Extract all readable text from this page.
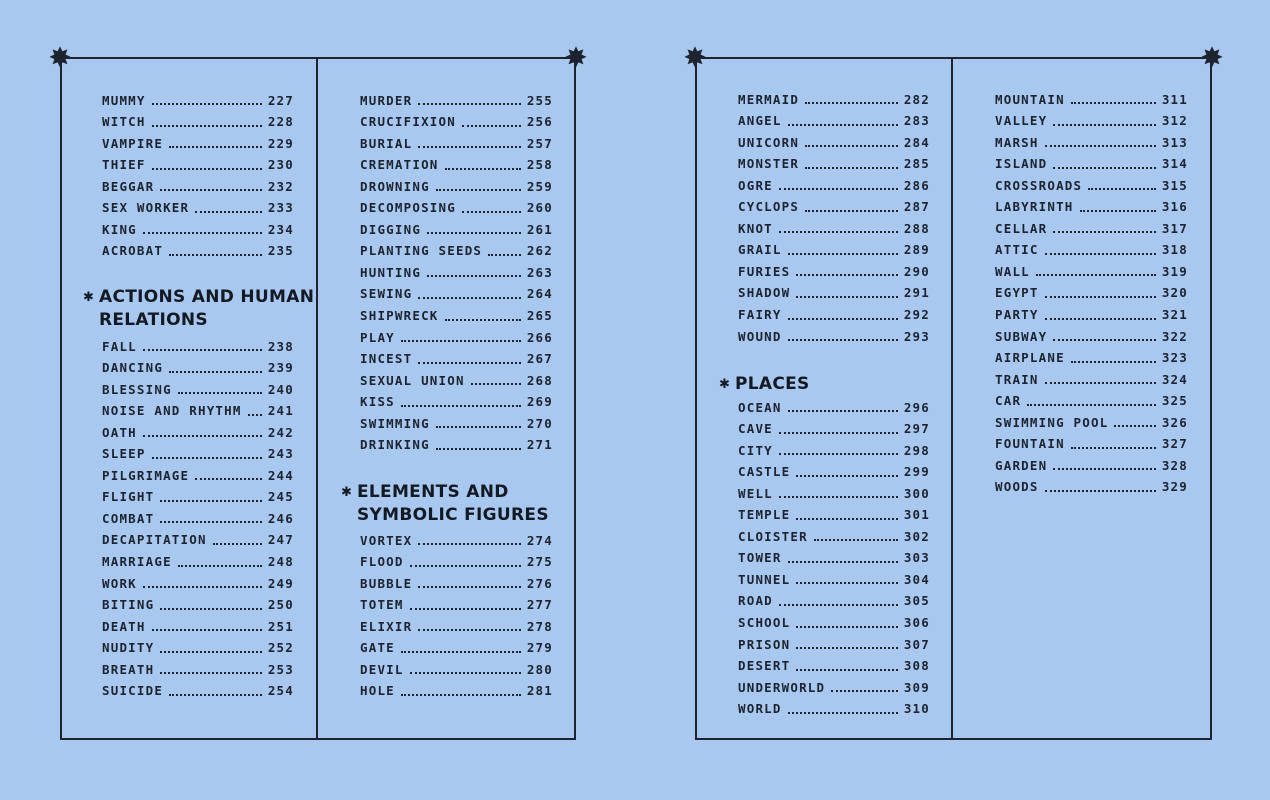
✸	✸	✸	✸
MUMMY	227
WITCH	228
VAMPIRE	229
THIEF	230
BEGGAR	232
SEX WORKER	233
KING	234
ACROBAT	235
✱ ACTIONS AND HUMAN
RELATIONS
FALL	238
DANCING	239
BLESSING	240
NOISE AND RHYTHM 241
OATH	242
SLEEP	243
PILGRIMAGE	244
FLIGHT	245
COMBAT	246
DECAPITATION	247
MARRIAGE	248
WORK	249
BITING	250
DEATH	251
NUDITY	252
BREATH	253
SUICIDE	254
MURDER	255
CRUCIFIXION	256
BURIAL	257
CREMATION	258
DROWNING	259
DECOMPOSING	260
DIGGING	261
PLANTING SEEDS	262
HUNTING	263
SEWING	264
SHIPWRECK	265
PLAY	266
INCEST	267
SEXUAL UNION	268
KISS	269
SWIMMING	270
DRINKING	271
✱ ELEMENTS AND
SYMBOLIC FIGURES
VORTEX	274
FLOOD	275
BUBBLE	276
TOTEM	277
ELIXIR	278
GATE	279
DEVIL	280
HOLE	281
MERMAID	282
ANGEL	283
UNICORN	284
MONSTER	285
OGRE	286
CYCLOPS	287
KNOT	288
GRAIL	289
FURIES	290
SHADOW	291
FAIRY	292
WOUND	293
✱ PLACES
OCEAN	296
CAVE	297
CITY	298
CASTLE	299
WELL	300
TEMPLE	301
CLOISTER	302
TOWER	303
TUNNEL	304
ROAD	305
SCHOOL	306
PRISON	307
DESERT	308
UNDERWORLD	309
WORLD	310
MOUNTAIN	311
VALLEY	312
MARSH	313
ISLAND	314
CROSSROADS	315
LABYRINTH	316
CELLAR	317
ATTIC	318
WALL	319
EGYPT	320
PARTY	321
SUBWAY	322
AIRPLANE	323
TRAIN	324
CAR	325
SWIMMING POOL	326
FOUNTAIN	327
GARDEN	328
WOODS	329
